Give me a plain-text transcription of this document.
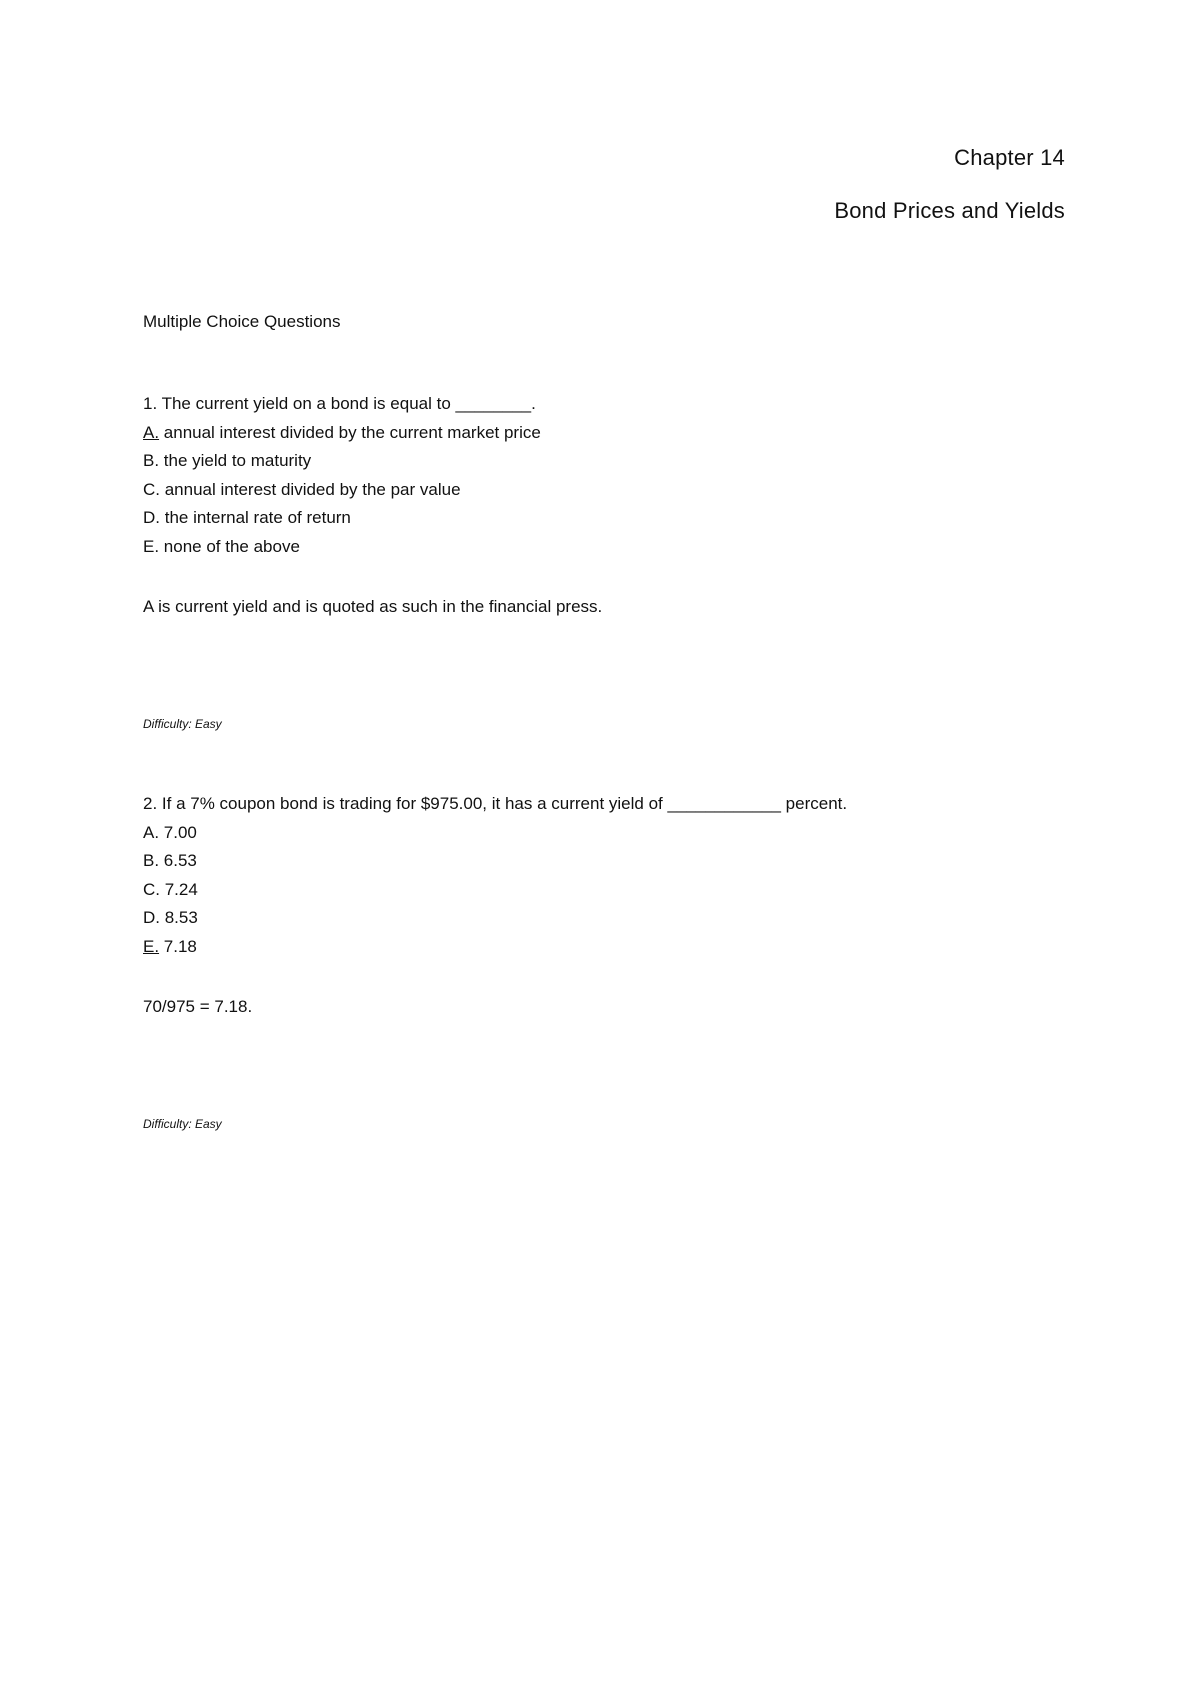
Chapter 14
Bond Prices and Yields
Multiple Choice Questions

1. The current yield on a bond is equal to ________.

A. annual interest divided by the current market price

B. the yield to maturity

C. annual interest divided by the par value

D. the internal rate of return

E. none of the above

A is current yield and is quoted as such in the financial press.
Difficulty: Easy

2. If a 7% coupon bond is trading for $975.00, it has a current yield of ____________ percent.

A. 7.00

B. 6.53

C. 7.24

D. 8.53

E. 7.18

70/975 = 7.18.
Difficulty: Easy
